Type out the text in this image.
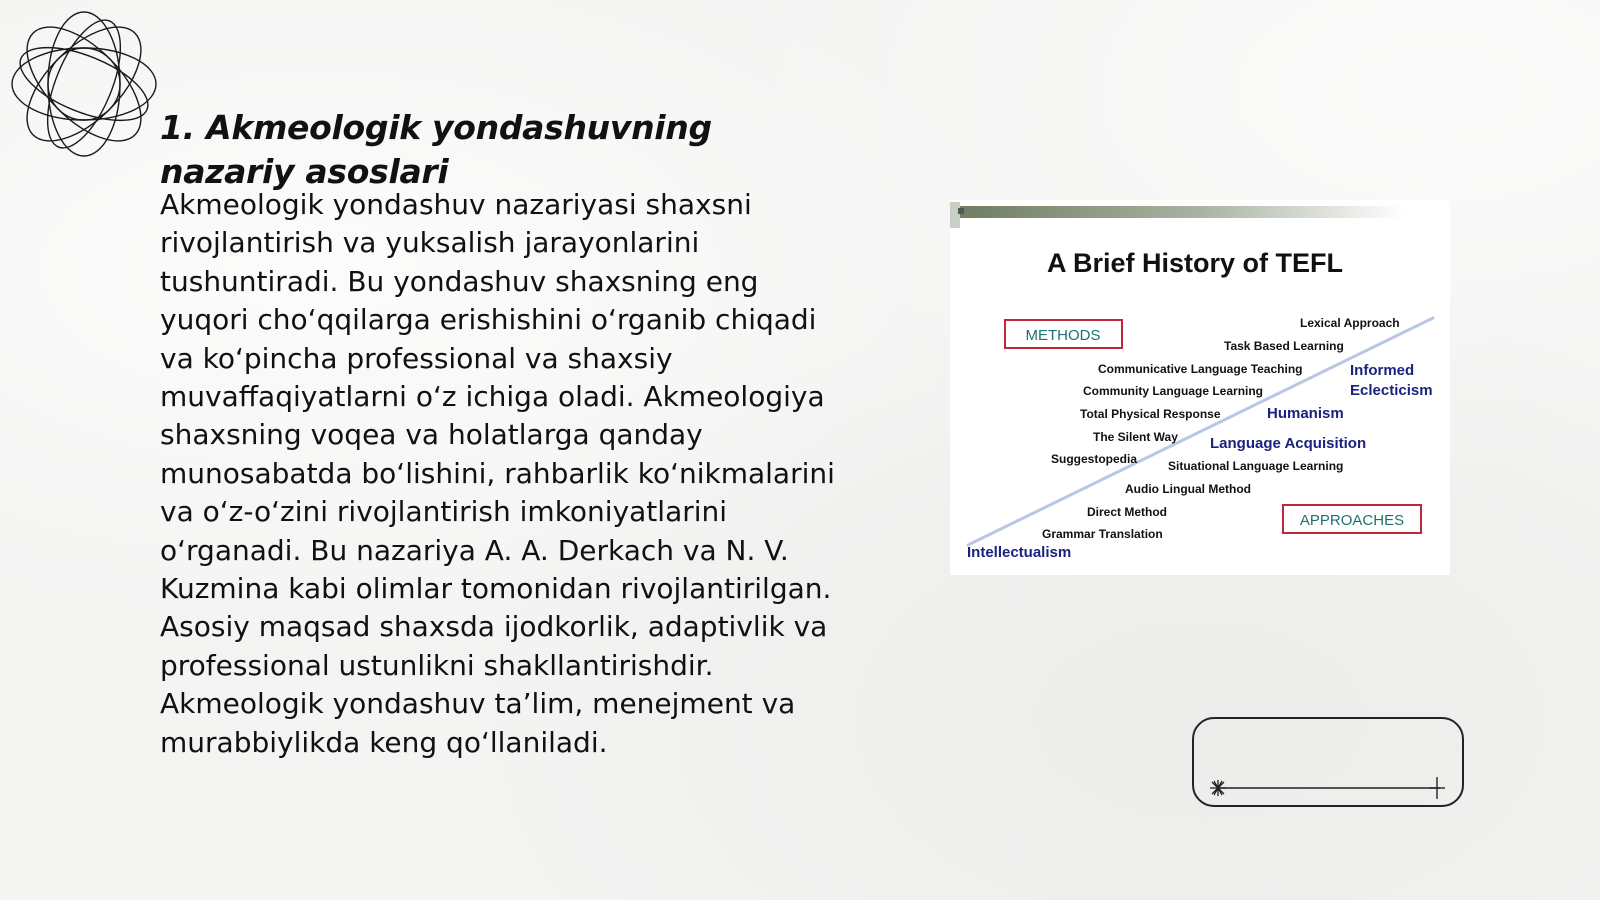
1. Akmeologik yondashuvning nazariy asoslari

Akmeologik yondashuv nazariyasi shaxsni rivojlantirish va yuksalish jarayonlarini tushuntiradi. Bu yondashuv shaxsning eng yuqori cho‘qqilarga erishishini o‘rganib chiqadi va ko‘pincha professional va shaxsiy muvaffaqiyatlarni o‘z ichiga oladi. Akmeologiya shaxsning voqea va holatlarga qanday munosabatda bo‘lishini, rahbarlik ko‘nikmalarini va o‘z-o‘zini rivojlantirish imkoniyatlarini o‘rganadi. Bu nazariya A. A. Derkach va N. V. Kuzmina kabi olimlar tomonidan rivojlantirilgan. Asosiy maqsad shaxsda ijodkorlik, adaptivlik va professional ustunlikni shakllantirishdir. Akmeologik yondashuv ta’lim, menejment va murabbiylikda keng qo‘llaniladi.

A Brief History of TEFL
METHODS
APPROACHES
Lexical Approach
Task Based Learning
Communicative Language Teaching
Community Language Learning
Total Physical Response
The Silent Way
Suggestopedia	Situational Language Learning
Audio Lingual Method
Direct Method
Grammar Translation
Informed
Eclecticism
Humanism
Language Acquisition
Intellectualism
